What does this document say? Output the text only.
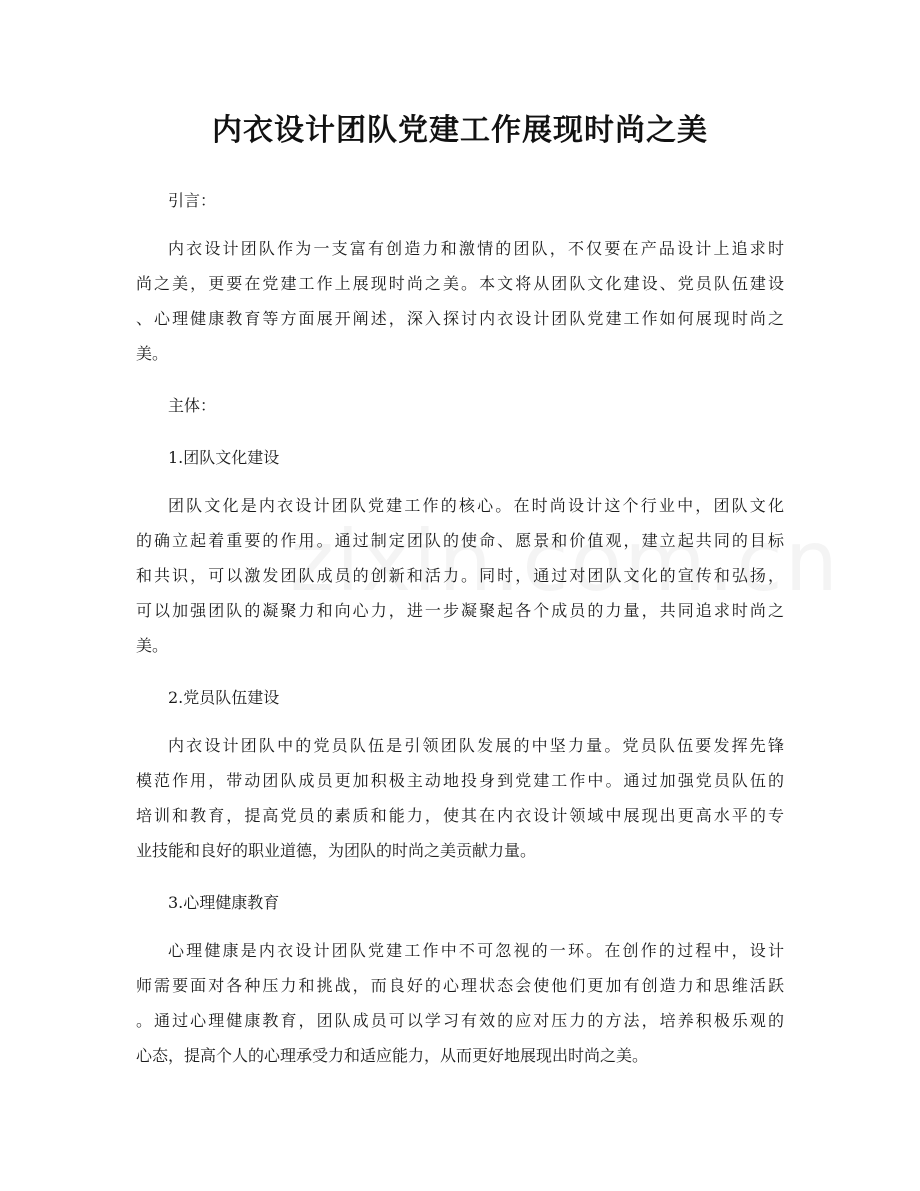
内衣设计团队党建工作展现时尚之美
引言：
内衣设计团队作为一支富有创造力和激情的团队，不仅要在产品设计上追求时
尚之美，更要在党建工作上展现时尚之美。本文将从团队文化建设、党员队伍建设
、心理健康教育等方面展开阐述，深入探讨内衣设计团队党建工作如何展现时尚之
美。
主体：
1.团队文化建设
团队文化是内衣设计团队党建工作的核心。在时尚设计这个行业中，团队文化
的确立起着重要的作用。通过制定团队的使命、愿景和价值观，建立起共同的目标
和共识，可以激发团队成员的创新和活力。同时，通过对团队文化的宣传和弘扬，
可以加强团队的凝聚力和向心力，进一步凝聚起各个成员的力量，共同追求时尚之
美。
2.党员队伍建设
内衣设计团队中的党员队伍是引领团队发展的中坚力量。党员队伍要发挥先锋
模范作用，带动团队成员更加积极主动地投身到党建工作中。通过加强党员队伍的
培训和教育，提高党员的素质和能力，使其在内衣设计领域中展现出更高水平的专
业技能和良好的职业道德，为团队的时尚之美贡献力量。
3.心理健康教育
心理健康是内衣设计团队党建工作中不可忽视的一环。在创作的过程中，设计
师需要面对各种压力和挑战，而良好的心理状态会使他们更加有创造力和思维活跃
。通过心理健康教育，团队成员可以学习有效的应对压力的方法，培养积极乐观的
心态，提高个人的心理承受力和适应能力，从而更好地展现出时尚之美。
